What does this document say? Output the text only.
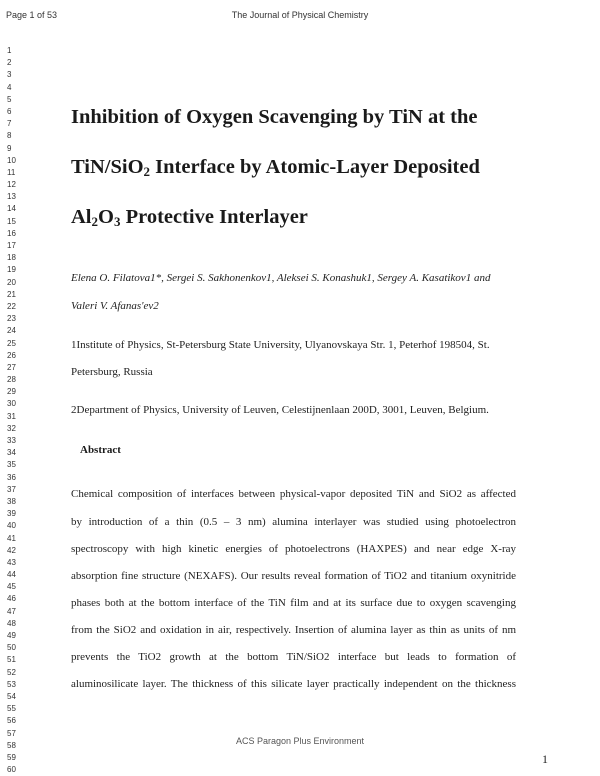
Page 1 of 53	The Journal of Physical Chemistry
1
2
3
4
5
6
7
8
9
10
11
12
13
14
15
16
17
18
19
20
21
22
23
24
25
26
27
28
29
30
31
32
33
34
35
36
37
38
39
40
41
42
43
44
45
46
47
48
49
50
51
52
53
54
55
56
57
58
59
60
Inhibition of Oxygen Scavenging by TiN at the
TiN/SiO$_2$ Interface by Atomic-Layer Deposited
$Al_2O_3$ Protective Interlayer
Elena O. Filatova1*, Sergei S. Sakhonenkov1, Aleksei S. Konashuk1, Sergey A. Kasatikov1 and
Valeri V. Afanas'ev2
1Institute of Physics, St-Petersburg State University, Ulyanovskaya Str. 1, Peterhof 198504, St.
Petersburg, Russia
2Department of Physics, University of Leuven, Celestijnenlaan 200D, 3001, Leuven, Belgium.
Abstract
Chemical composition of interfaces between physical-vapor deposited TiN and SiO2 as affected
by introduction of a thin (0.5 – 3 nm) alumina interlayer was studied using photoelectron
spectroscopy with high kinetic energies of photoelectrons (HAXPES) and near edge X-ray
absorption fine structure (NEXAFS). Our results reveal formation of TiO2 and titanium oxynitride
phases both at the bottom interface of the TiN film and at its surface due to oxygen scavenging
from the SiO2 and oxidation in air, respectively. Insertion of alumina layer as thin as units of nm
prevents the TiO2 growth at the bottom TiN/SiO2 interface but leads to formation of
aluminosilicate layer. The thickness of this silicate layer practically independent on the thickness
ACS Paragon Plus Environment
1
